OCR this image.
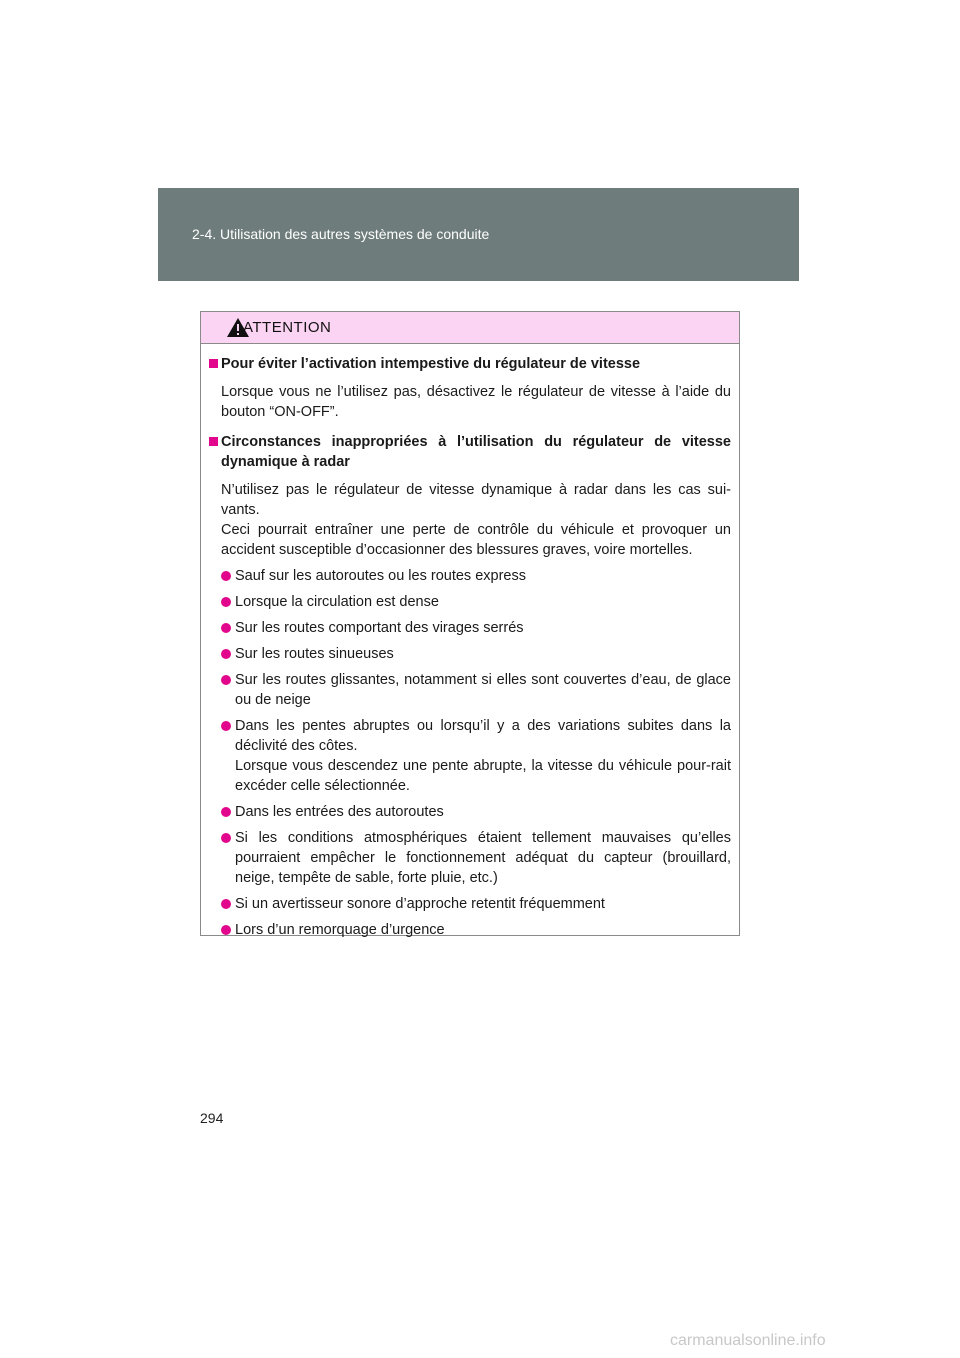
2-4. Utilisation des autres systèmes de conduite
ATTENTION
Pour éviter l’activation intempestive du régulateur de vitesse
Lorsque vous ne l’utilisez pas, désactivez le régulateur de vitesse à l’aide du bouton “ON-OFF”.
Circonstances inappropriées à l’utilisation du régulateur de vitesse dynamique à radar
N’utilisez pas le régulateur de vitesse dynamique à radar dans les cas sui-vants.
Ceci pourrait entraîner une perte de contrôle du véhicule et provoquer un accident susceptible d’occasionner des blessures graves, voire mortelles.
Sauf sur les autoroutes ou les routes express
Lorsque la circulation est dense
Sur les routes comportant des virages serrés
Sur les routes sinueuses
Sur les routes glissantes, notamment si elles sont couvertes d’eau, de glace ou de neige
Dans les pentes abruptes ou lorsqu’il y a des variations subites dans la déclivité des côtes.
Lorsque vous descendez une pente abrupte, la vitesse du véhicule pour-rait excéder celle sélectionnée.
Dans les entrées des autoroutes
Si les conditions atmosphériques étaient tellement mauvaises qu’elles pourraient empêcher le fonctionnement adéquat du capteur (brouillard, neige, tempête de sable, forte pluie, etc.)
Si un avertisseur sonore d’approche retentit fréquemment
Lors d’un remorquage d’urgence
294
carmanualsonline.info
